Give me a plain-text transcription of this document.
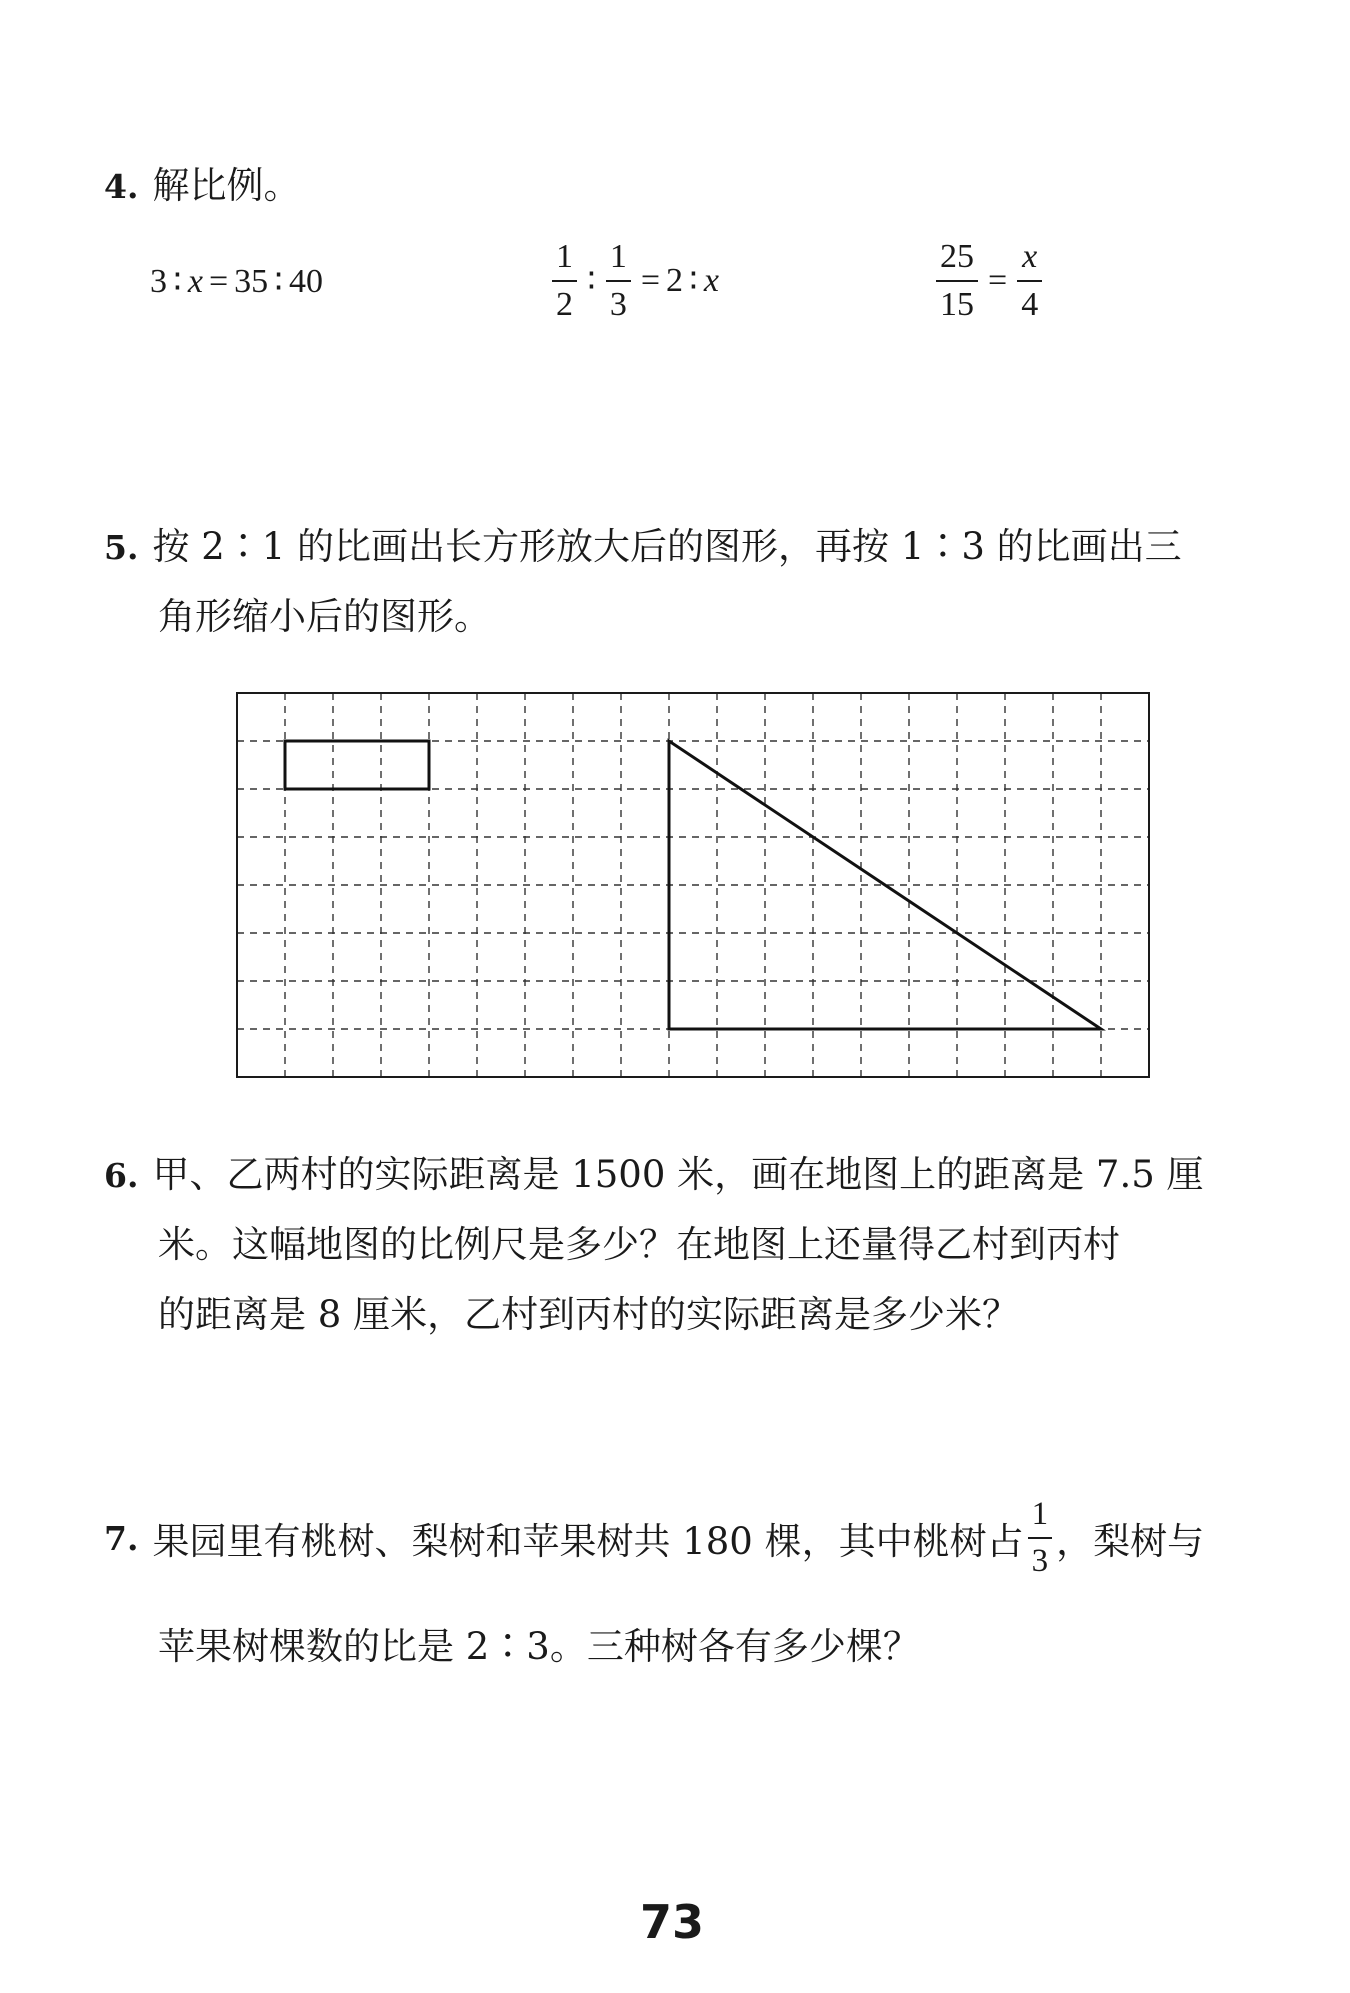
4. 解比例。
3 ∶ x = 35 ∶ 40	$\frac{1}{2}$ ∶ $\frac{1}{3} = 2$ ∶ x	$\frac{25}{15} = \frac{x}{4}$
5. 按 2∶1 的比画出长方形放大后的图形，再按 1∶3 的比画出三
角形缩小后的图形。
6. 甲、乙两村的实际距离是 1500 米，画在地图上的距离是 7.5 厘
米。这幅地图的比例尺是多少？在地图上还量得乙村到丙村
的距离是 8 厘米，乙村到丙村的实际距离是多少米？
7. 果园里有桃树、梨树和苹果树共 180 棵，其中桃树占 $\frac{1}{3}$ ，梨树与
苹果树棵数的比是 2∶3。三种树各有多少棵？
73
